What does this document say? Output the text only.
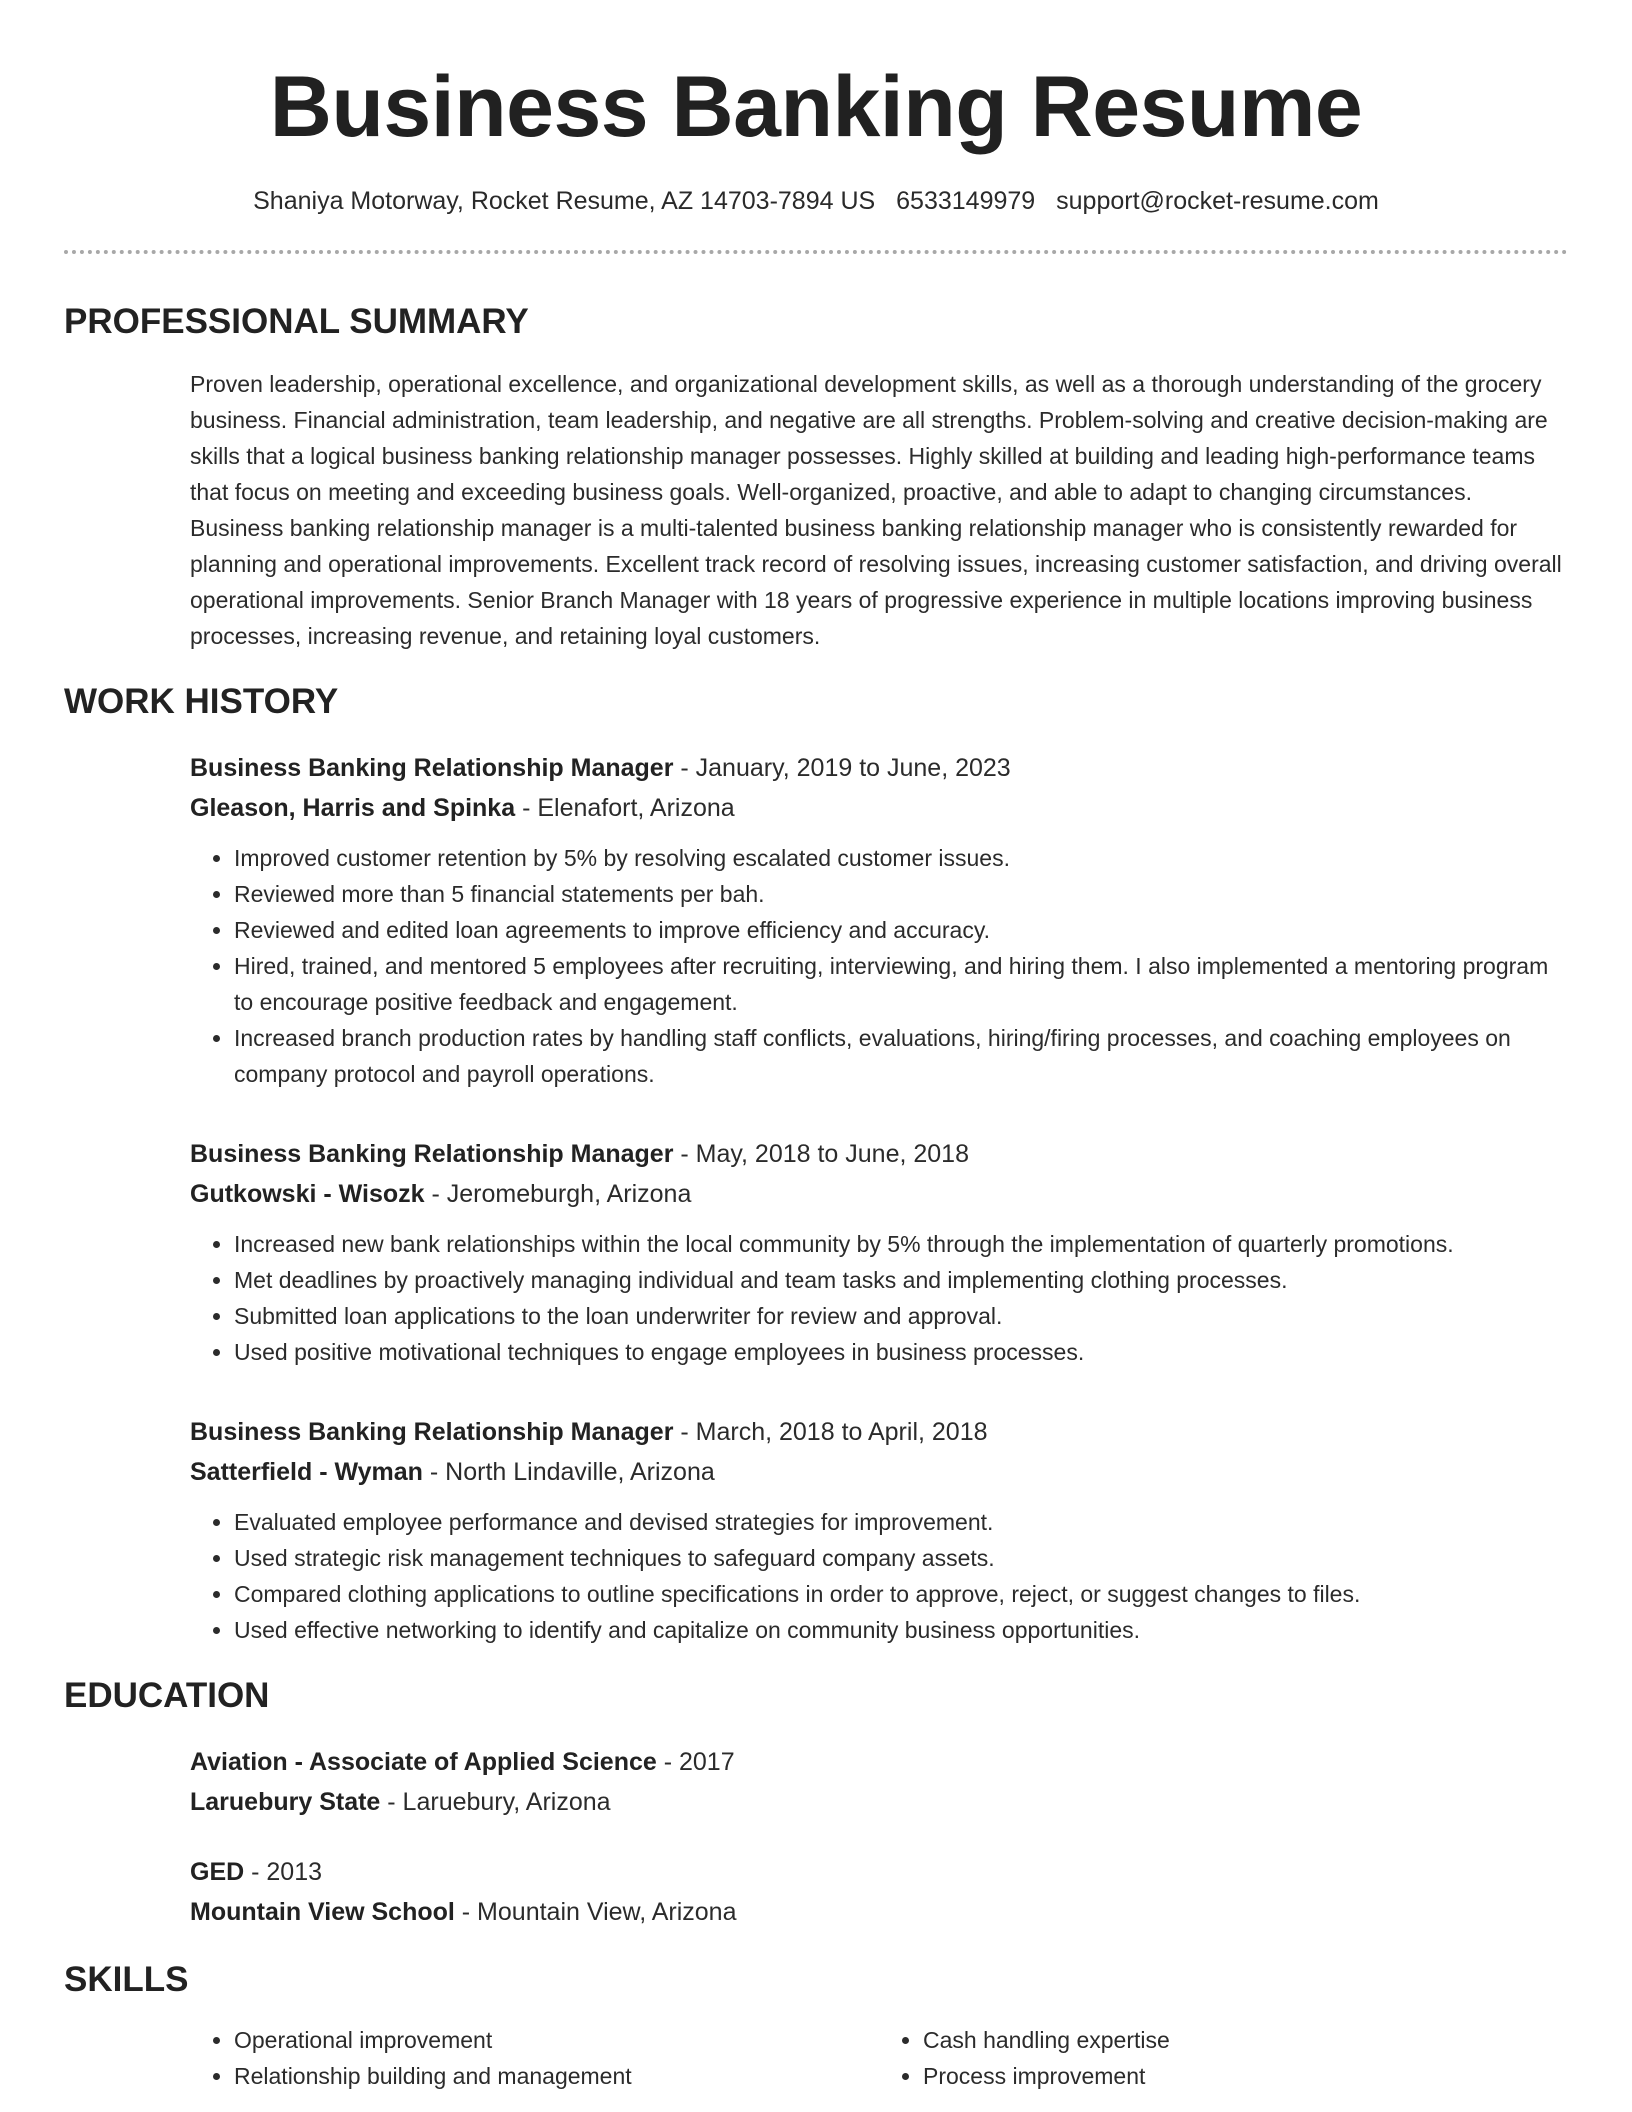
Business Banking Resume
Shaniya Motorway, Rocket Resume, AZ 14703-7894 US 6533149979 support@rocket-resume.com
PROFESSIONAL SUMMARY
Proven leadership, operational excellence, and organizational development skills, as well as a thorough understanding of the grocery business. Financial administration, team leadership, and negative are all strengths. Problem-solving and creative decision-making are skills that a logical business banking relationship manager possesses. Highly skilled at building and leading high-performance teams that focus on meeting and exceeding business goals. Well-organized, proactive, and able to adapt to changing circumstances. Business banking relationship manager is a multi-talented business banking relationship manager who is consistently rewarded for planning and operational improvements. Excellent track record of resolving issues, increasing customer satisfaction, and driving overall operational improvements. Senior Branch Manager with 18 years of progressive experience in multiple locations improving business processes, increasing revenue, and retaining loyal customers.
WORK HISTORY
Business Banking Relationship Manager - January, 2019 to June, 2023
Gleason, Harris and Spinka - Elenafort, Arizona
• Improved customer retention by 5% by resolving escalated customer issues.
• Reviewed more than 5 financial statements per bah.
• Reviewed and edited loan agreements to improve efficiency and accuracy.
• Hired, trained, and mentored 5 employees after recruiting, interviewing, and hiring them. I also implemented a mentoring program to encourage positive feedback and engagement.
• Increased branch production rates by handling staff conflicts, evaluations, hiring/firing processes, and coaching employees on company protocol and payroll operations.
Business Banking Relationship Manager - May, 2018 to June, 2018
Gutkowski - Wisozk - Jeromeburgh, Arizona
• Increased new bank relationships within the local community by 5% through the implementation of quarterly promotions.
• Met deadlines by proactively managing individual and team tasks and implementing clothing processes.
• Submitted loan applications to the loan underwriter for review and approval.
• Used positive motivational techniques to engage employees in business processes.
Business Banking Relationship Manager - March, 2018 to April, 2018
Satterfield - Wyman - North Lindaville, Arizona
• Evaluated employee performance and devised strategies for improvement.
• Used strategic risk management techniques to safeguard company assets.
• Compared clothing applications to outline specifications in order to approve, reject, or suggest changes to files.
• Used effective networking to identify and capitalize on community business opportunities.
EDUCATION
Aviation - Associate of Applied Science - 2017
Laruebury State - Laruebury, Arizona
GED - 2013
Mountain View School - Mountain View, Arizona
SKILLS
• Operational improvement
• Relationship building and management
• Cash handling expertise
• Process improvement
